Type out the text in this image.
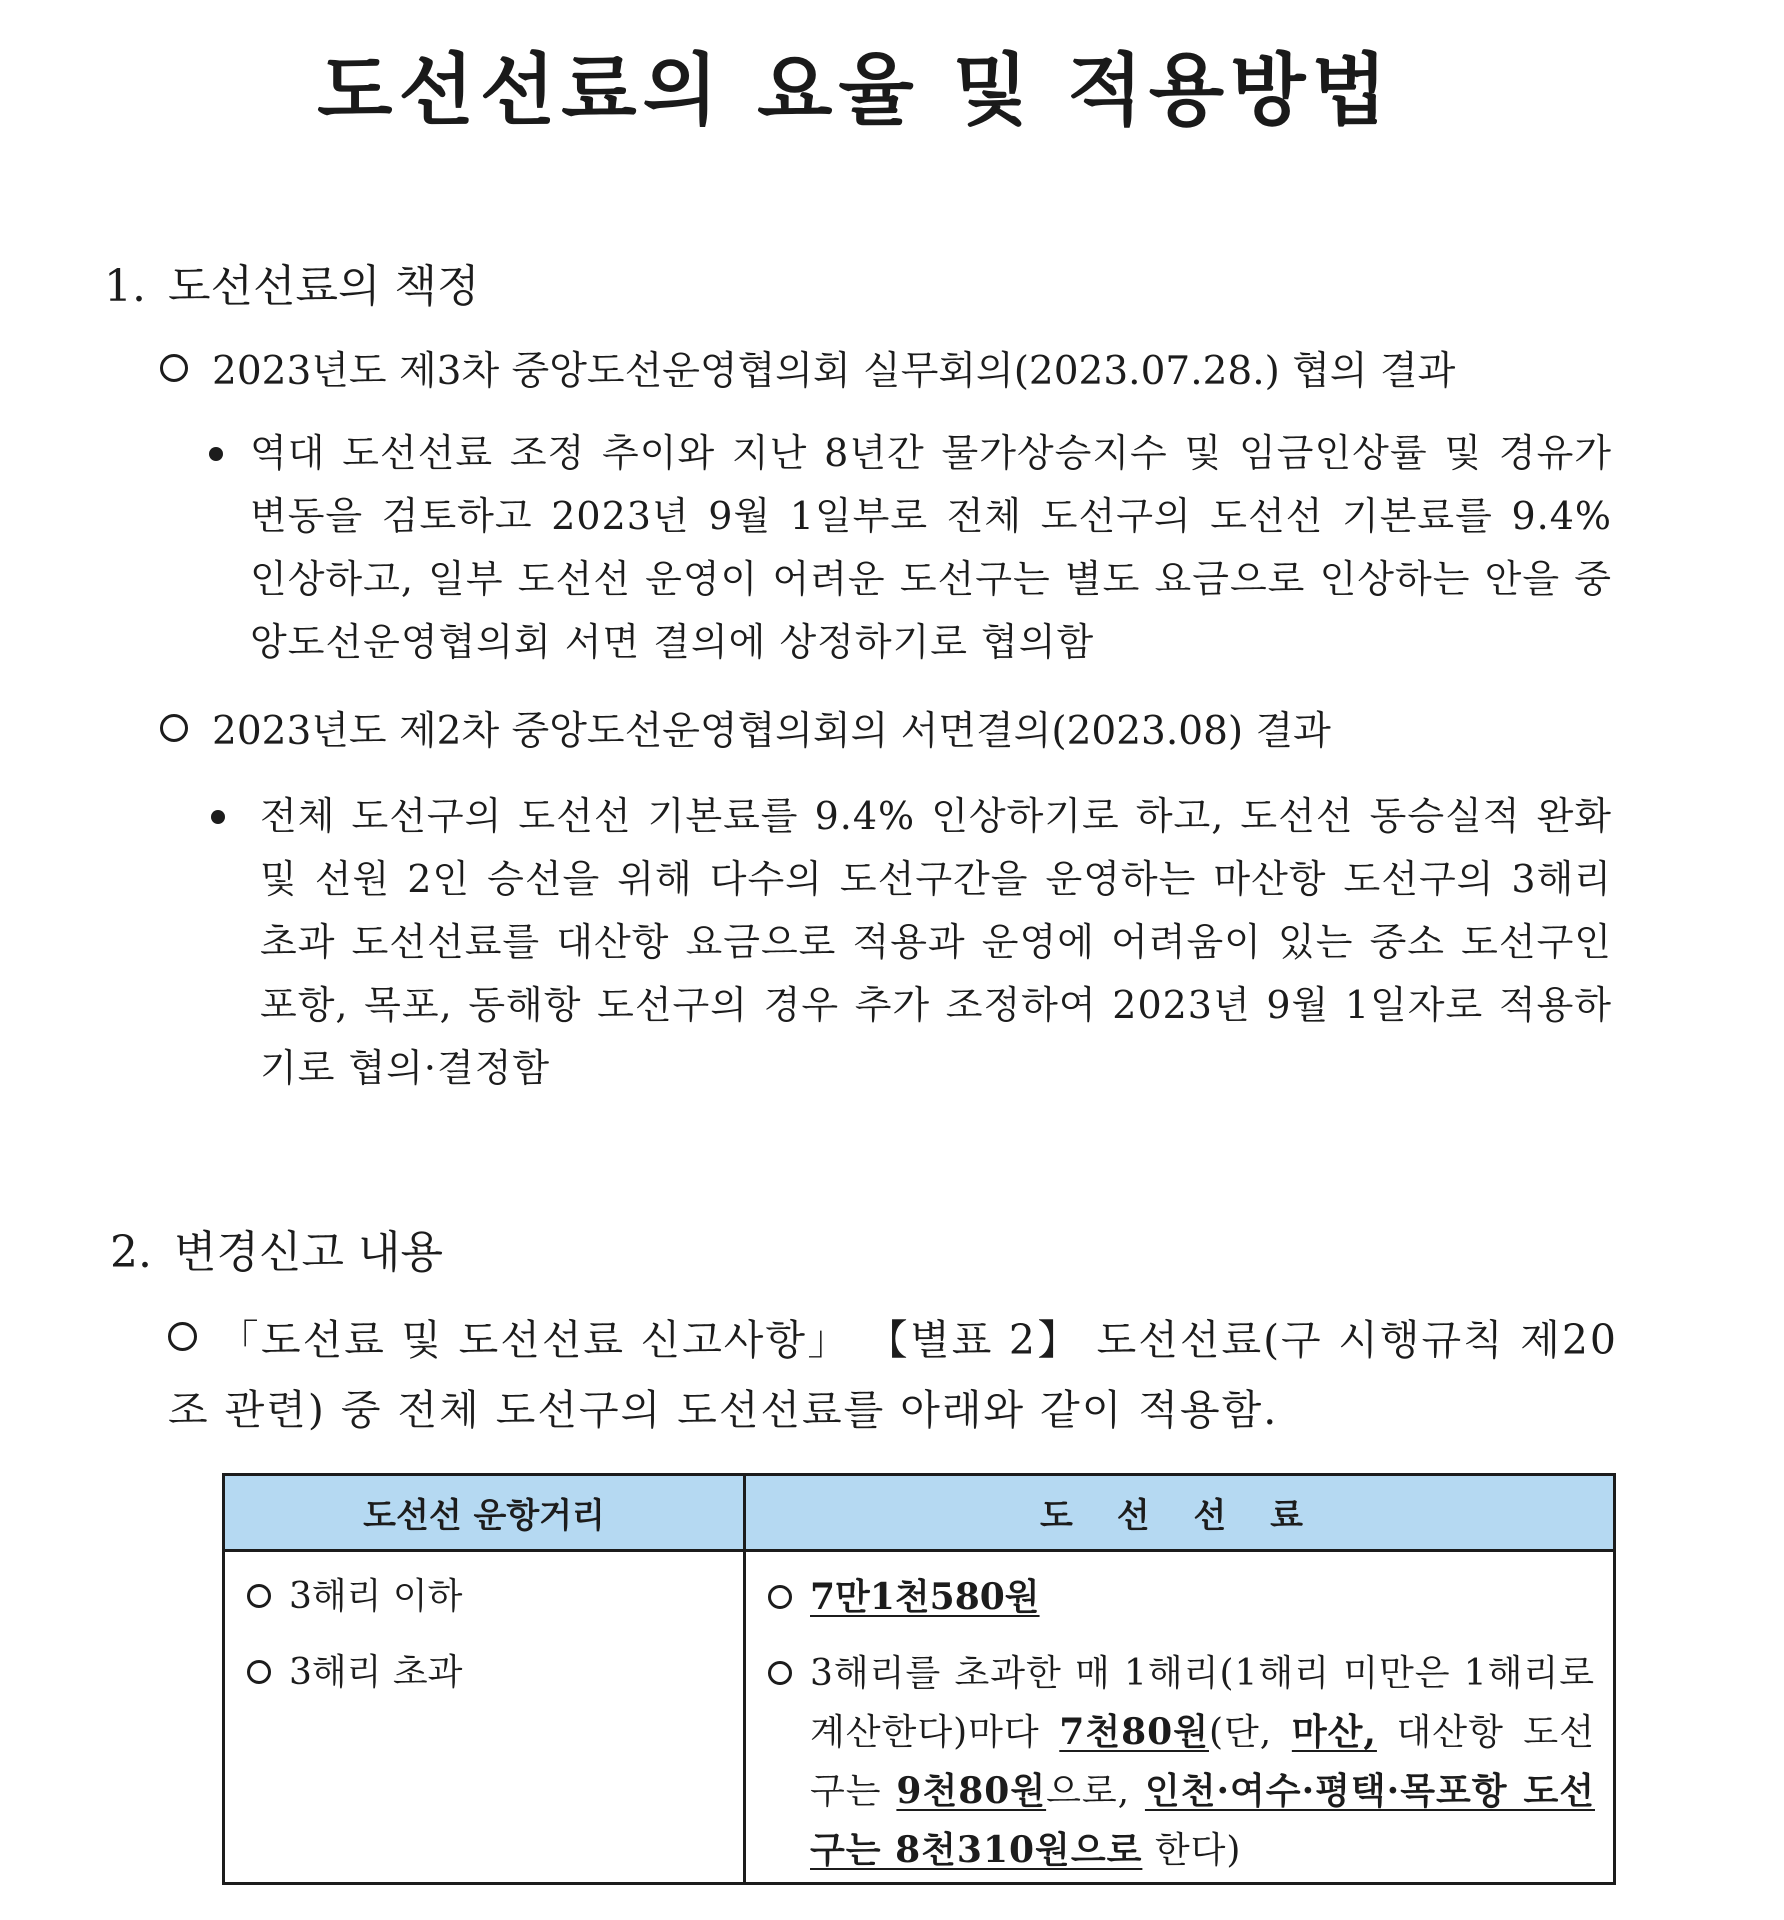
도선선료의 요율 및 적용방법
1. 도선선료의 책정
2023년도 제3차 중앙도선운영협의회 실무회의(2023.07.28.) 협의 결과
역대 도선선료 조정 추이와 지난 8년간 물가상승지수 및 임금인상률 및 경유가 변동을 검토하고 2023년 9월 1일부로 전체 도선구의 도선선 기본료를 9.4% 인상하고, 일부 도선선 운영이 어려운 도선구는 별도 요금으로 인상하는 안을 중앙도선운영협의회 서면 결의에 상정하기로 협의함
2023년도 제2차 중앙도선운영협의회의 서면결의(2023.08) 결과
전체 도선구의 도선선 기본료를 9.4% 인상하기로 하고, 도선선 동승실적 완화 및 선원 2인 승선을 위해 다수의 도선구간을 운영하는 마산항 도선구의 3해리 초과 도선선료를 대산항 요금으로 적용과 운영에 어려움이 있는 중소 도선구인 포항, 목포, 동해항 도선구의 경우 추가 조정하여 2023년 9월 1일자로 적용하기로 협의·결정함
2. 변경신고 내용
「도선료 및 도선선료 신고사항」 【별표 2】 도선선료(구 시행규칙 제20조 관련) 중 전체 도선구의 도선선료를 아래와 같이 적용함.
도선선 운항거리	도 선 선 료
3해리 이하
3해리 초과
7만1천580원
3해리를 초과한 매 1해리(1해리 미만은 1해리로 계산한다)마다 7천80원(단, 마산, 대산항 도선구는 9천80원으로, 인천·여수·평택·목포항 도선구는 8천310원으로 한다)
